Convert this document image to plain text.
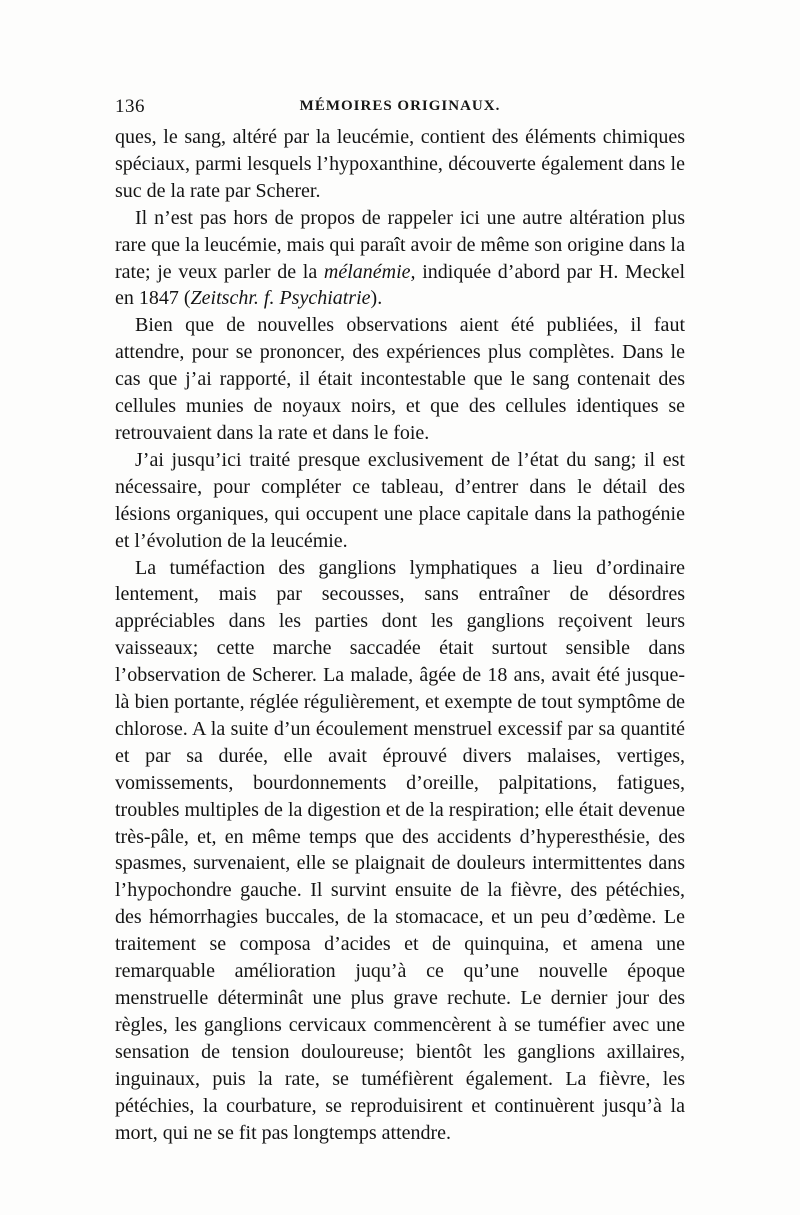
136	MÉMOIRES ORIGINAUX.

ques, le sang, altéré par la leucémie, contient des éléments chimiques spéciaux, parmi lesquels l’hypoxanthine, découverte également dans le suc de la rate par Scherer.

Il n’est pas hors de propos de rappeler ici une autre altération plus rare que la leucémie, mais qui paraît avoir de même son origine dans la rate; je veux parler de la mélanémie, indiquée d’abord par H. Meckel en 1847 (Zeitschr. f. Psychiatrie).

Bien que de nouvelles observations aient été publiées, il faut attendre, pour se prononcer, des expériences plus complètes. Dans le cas que j’ai rapporté, il était incontestable que le sang contenait des cellules munies de noyaux noirs, et que des cellules identiques se retrouvaient dans la rate et dans le foie.

J’ai jusqu’ici traité presque exclusivement de l’état du sang; il est nécessaire, pour compléter ce tableau, d’entrer dans le détail des lésions organiques, qui occupent une place capitale dans la pathogénie et l’évolution de la leucémie.

La tuméfaction des ganglions lymphatiques a lieu d’ordinaire lentement, mais par secousses, sans entraîner de désordres appréciables dans les parties dont les ganglions reçoivent leurs vaisseaux; cette marche saccadée était surtout sensible dans l’observation de Scherer. La malade, âgée de 18 ans, avait été jusque-là bien portante, réglée régulièrement, et exempte de tout symptôme de chlorose. A la suite d’un écoulement menstruel excessif par sa quantité et par sa durée, elle avait éprouvé divers malaises, vertiges, vomissements, bourdonnements d’oreille, palpitations, fatigues, troubles multiples de la digestion et de la respiration; elle était devenue très-pâle, et, en même temps que des accidents d’hyperesthésie, des spasmes, survenaient, elle se plaignait de douleurs intermittentes dans l’hypochondre gauche. Il survint ensuite de la fièvre, des pétéchies, des hémorrhagies buccales, de la stomacace, et un peu d’œdème. Le traitement se composa d’acides et de quinquina, et amena une remarquable amélioration juqu’à ce qu’une nouvelle époque menstruelle déterminât une plus grave rechute. Le dernier jour des règles, les ganglions cervicaux commencèrent à se tuméfier avec une sensation de tension douloureuse; bientôt les ganglions axillaires, inguinaux, puis la rate, se tuméfièrent également. La fièvre, les pétéchies, la courbature, se reproduisirent et continuèrent jusqu’à la mort, qui ne se fit pas longtemps attendre.
